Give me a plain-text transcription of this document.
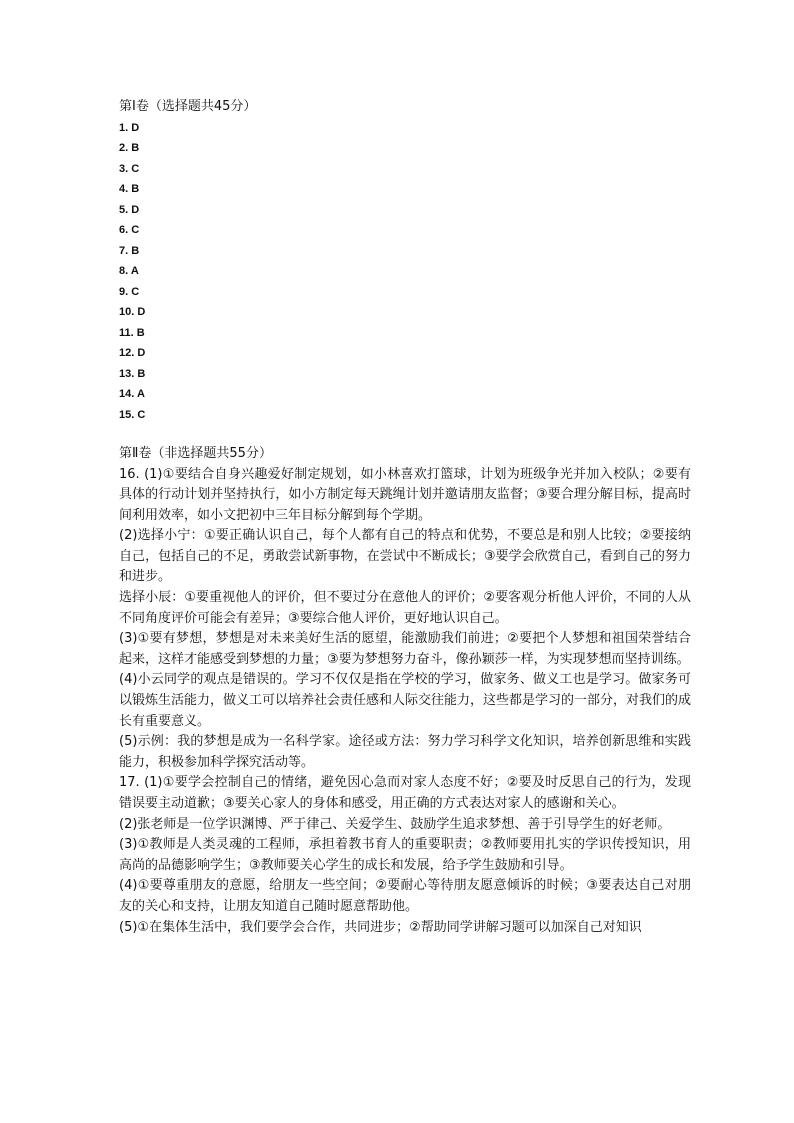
第Ⅰ卷（选择题共45分）

1. D
2. B
3. C
4. B
5. D
6. C
7. B
8. A
9. C
10. D
11. B
12. D
13. B
14. A
15. C

第Ⅱ卷（非选择题共55分）

16. (1)①要结合自身兴趣爱好制定规划，如小林喜欢打篮球，计划为班级争光并加入校队；②要有具体的行动计划并坚持执行，如小方制定每天跳绳计划并邀请朋友监督；③要合理分解目标，提高时间利用效率，如小文把初中三年目标分解到每个学期。

(2)选择小宁：①要正确认识自己，每个人都有自己的特点和优势，不要总是和别人比较；②要接纳自己，包括自己的不足，勇敢尝试新事物，在尝试中不断成长；③要学会欣赏自己，看到自己的努力和进步。

选择小辰：①要重视他人的评价，但不要过分在意他人的评价；②要客观分析他人评价，不同的人从不同角度评价可能会有差异；③要综合他人评价，更好地认识自己。

(3)①要有梦想，梦想是对未来美好生活的愿望，能激励我们前进；②要把个人梦想和祖国荣誉结合起来，这样才能感受到梦想的力量；③要为梦想努力奋斗，像孙颖莎一样，为实现梦想而坚持训练。

(4)小云同学的观点是错误的。学习不仅仅是指在学校的学习，做家务、做义工也是学习。做家务可以锻炼生活能力，做义工可以培养社会责任感和人际交往能力，这些都是学习的一部分，对我们的成长有重要意义。

(5)示例：我的梦想是成为一名科学家。途径或方法：努力学习科学文化知识，培养创新思维和实践能力，积极参加科学探究活动等。

17. (1)①要学会控制自己的情绪，避免因心急而对家人态度不好；②要及时反思自己的行为，发现错误要主动道歉；③要关心家人的身体和感受，用正确的方式表达对家人的感谢和关心。

(2)张老师是一位学识渊博、严于律己、关爱学生、鼓励学生追求梦想、善于引导学生的好老师。

(3)①教师是人类灵魂的工程师，承担着教书育人的重要职责；②教师要用扎实的学识传授知识，用高尚的品德影响学生；③教师要关心学生的成长和发展，给予学生鼓励和引导。

(4)①要尊重朋友的意愿，给朋友一些空间；②要耐心等待朋友愿意倾诉的时候；③要表达自己对朋友的关心和支持，让朋友知道自己随时愿意帮助他。

(5)①在集体生活中，我们要学会合作，共同进步；②帮助同学讲解习题可以加深自己对知识
